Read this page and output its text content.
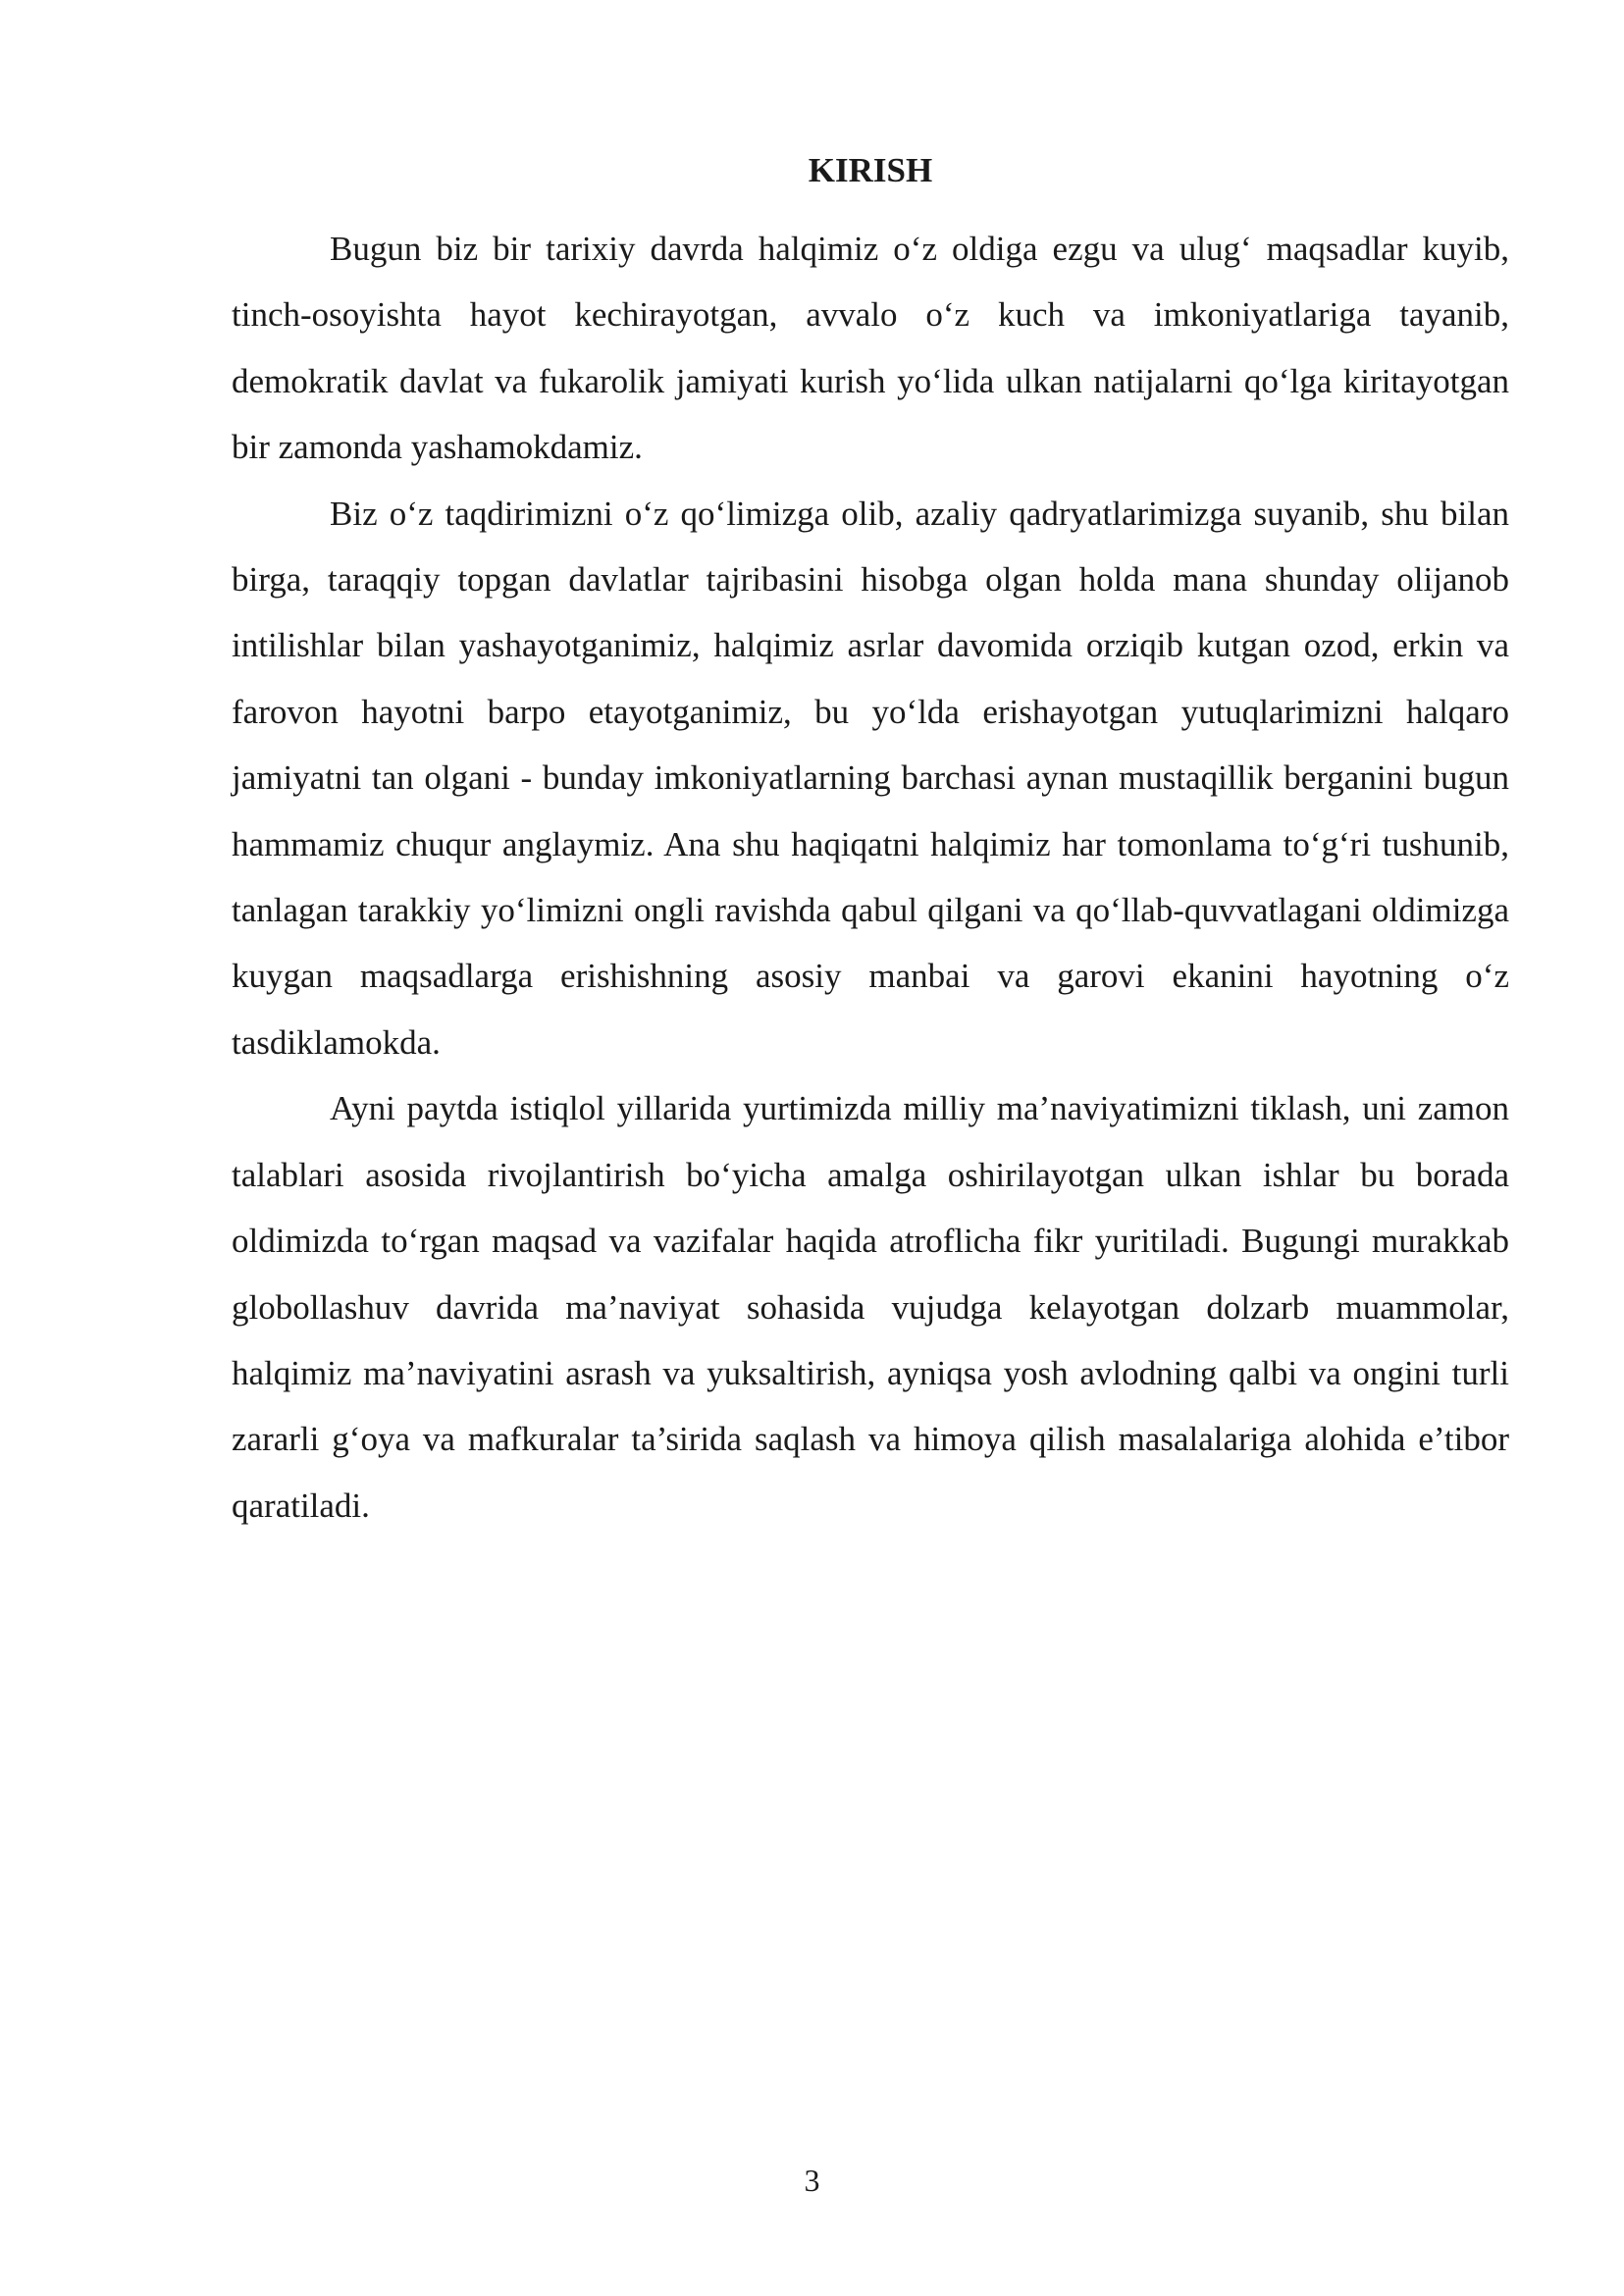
KIRISH

Bugun biz bir tarixiy davrda halqimiz o‘z oldiga ezgu va ulug‘ maqsadlar kuyib, tinch-osoyishta hayot kechirayotgan, avvalo o‘z kuch va imkoniyatlariga tayanib, demokratik davlat va fukarolik jamiyati kurish yo‘lida ulkan natijalarni qo‘lga kiritayotgan bir zamonda yashamokdamiz.

Biz o‘z taqdirimizni o‘z qo‘limizga olib, azaliy qadryatlarimizga suyanib, shu bilan birga, taraqqiy topgan davlatlar tajribasini hisobga olgan holda mana shunday olijanob intilishlar bilan yashayotganimiz, halqimiz asrlar davomida orziqib kutgan ozod, erkin va farovon hayotni barpo etayotganimiz, bu yo‘lda erishayotgan yutuqlarimizni halqaro jamiyatni tan olgani - bunday imkoniyatlarning barchasi aynan mustaqillik berganini bugun hammamiz chuqur anglaymiz. Ana shu haqiqatni halqimiz har tomonlama to‘g‘ri tushunib, tanlagan tarakkiy yo‘limizni ongli ravishda qabul qilgani va qo‘llab-quvvatlagani oldimizga kuygan maqsadlarga erishishning asosiy manbai va garovi ekanini hayotning o‘z tasdiklamokda.

Ayni paytda istiqlol yillarida yurtimizda milliy ma’naviyatimizni tiklash, uni zamon talablari asosida rivojlantirish bo‘yicha amalga oshirilayotgan ulkan ishlar bu borada oldimizda to‘rgan maqsad va vazifalar haqida atroflicha fikr yuritiladi. Bugungi murakkab globollashuv davrida ma’naviyat sohasida vujudga kelayotgan dolzarb muammolar, halqimiz ma’naviyatini asrash va yuksaltirish, ayniqsa yosh avlodning qalbi va ongini turli zararli g‘oya va mafkuralar ta’sirida saqlash va himoya qilish masalalariga alohida e’tibor qaratiladi.

3
